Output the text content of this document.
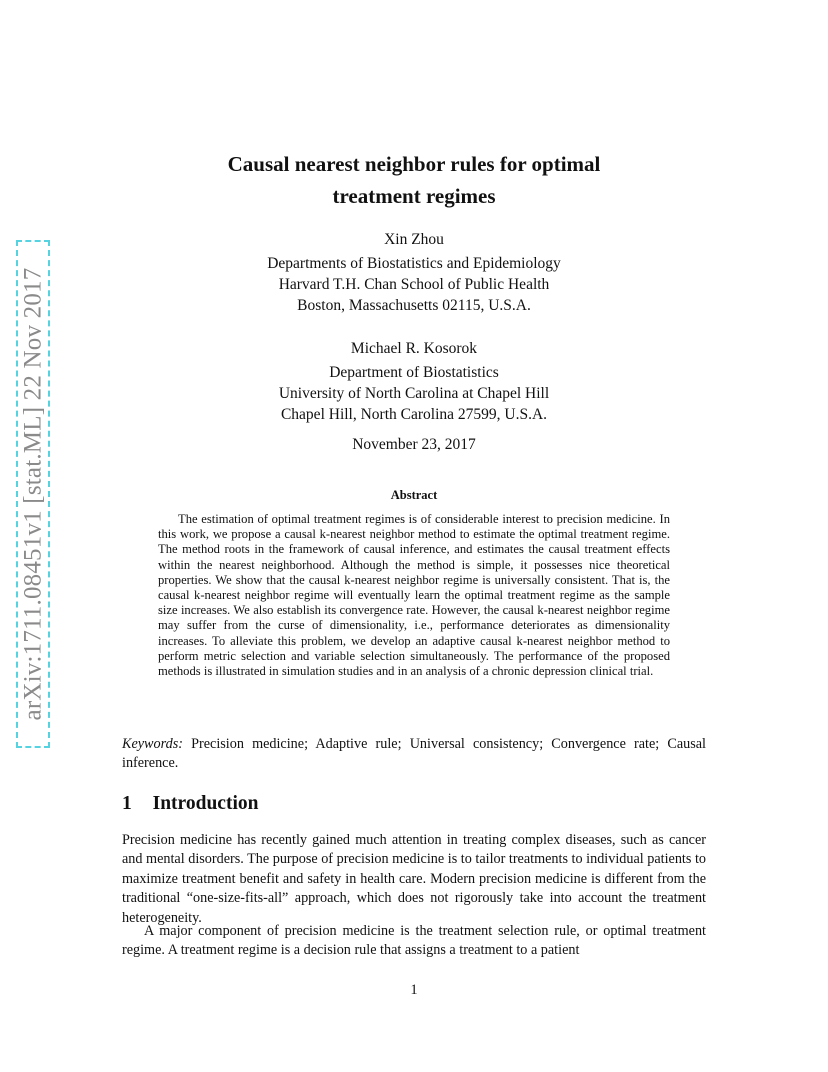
arXiv:1711.08451v1 [stat.ML] 22 Nov 2017
Causal nearest neighbor rules for optimal
treatment regimes
Xin Zhou
Departments of Biostatistics and Epidemiology
Harvard T.H. Chan School of Public Health
Boston, Massachusetts 02115, U.S.A.
Michael R. Kosorok
Department of Biostatistics
University of North Carolina at Chapel Hill
Chapel Hill, North Carolina 27599, U.S.A.
November 23, 2017
Abstract
The estimation of optimal treatment regimes is of considerable interest to precision medicine. In this work, we propose a causal k-nearest neighbor method to estimate the optimal treatment regime. The method roots in the framework of causal inference, and estimates the causal treatment effects within the nearest neighborhood. Although the method is simple, it possesses nice theoretical properties. We show that the causal k-nearest neighbor regime is universally consistent. That is, the causal k-nearest neighbor regime will eventually learn the optimal treatment regime as the sample size increases. We also establish its convergence rate. However, the causal k-nearest neighbor regime may suffer from the curse of dimensionality, i.e., performance deteriorates as dimensionality increases. To alleviate this problem, we develop an adaptive causal k-nearest neighbor method to perform metric selection and variable selection simultaneously. The performance of the proposed methods is illustrated in simulation studies and in an analysis of a chronic depression clinical trial.
Keywords: Precision medicine; Adaptive rule; Universal consistency; Convergence rate; Causal inference.
1 Introduction
Precision medicine has recently gained much attention in treating complex diseases, such as cancer and mental disorders. The purpose of precision medicine is to tailor treatments to individual patients to maximize treatment benefit and safety in health care. Modern precision medicine is different from the traditional “one-size-fits-all” approach, which does not rigorously take into account the treatment heterogeneity.
A major component of precision medicine is the treatment selection rule, or optimal treatment regime. A treatment regime is a decision rule that assigns a treatment to a patient
1
